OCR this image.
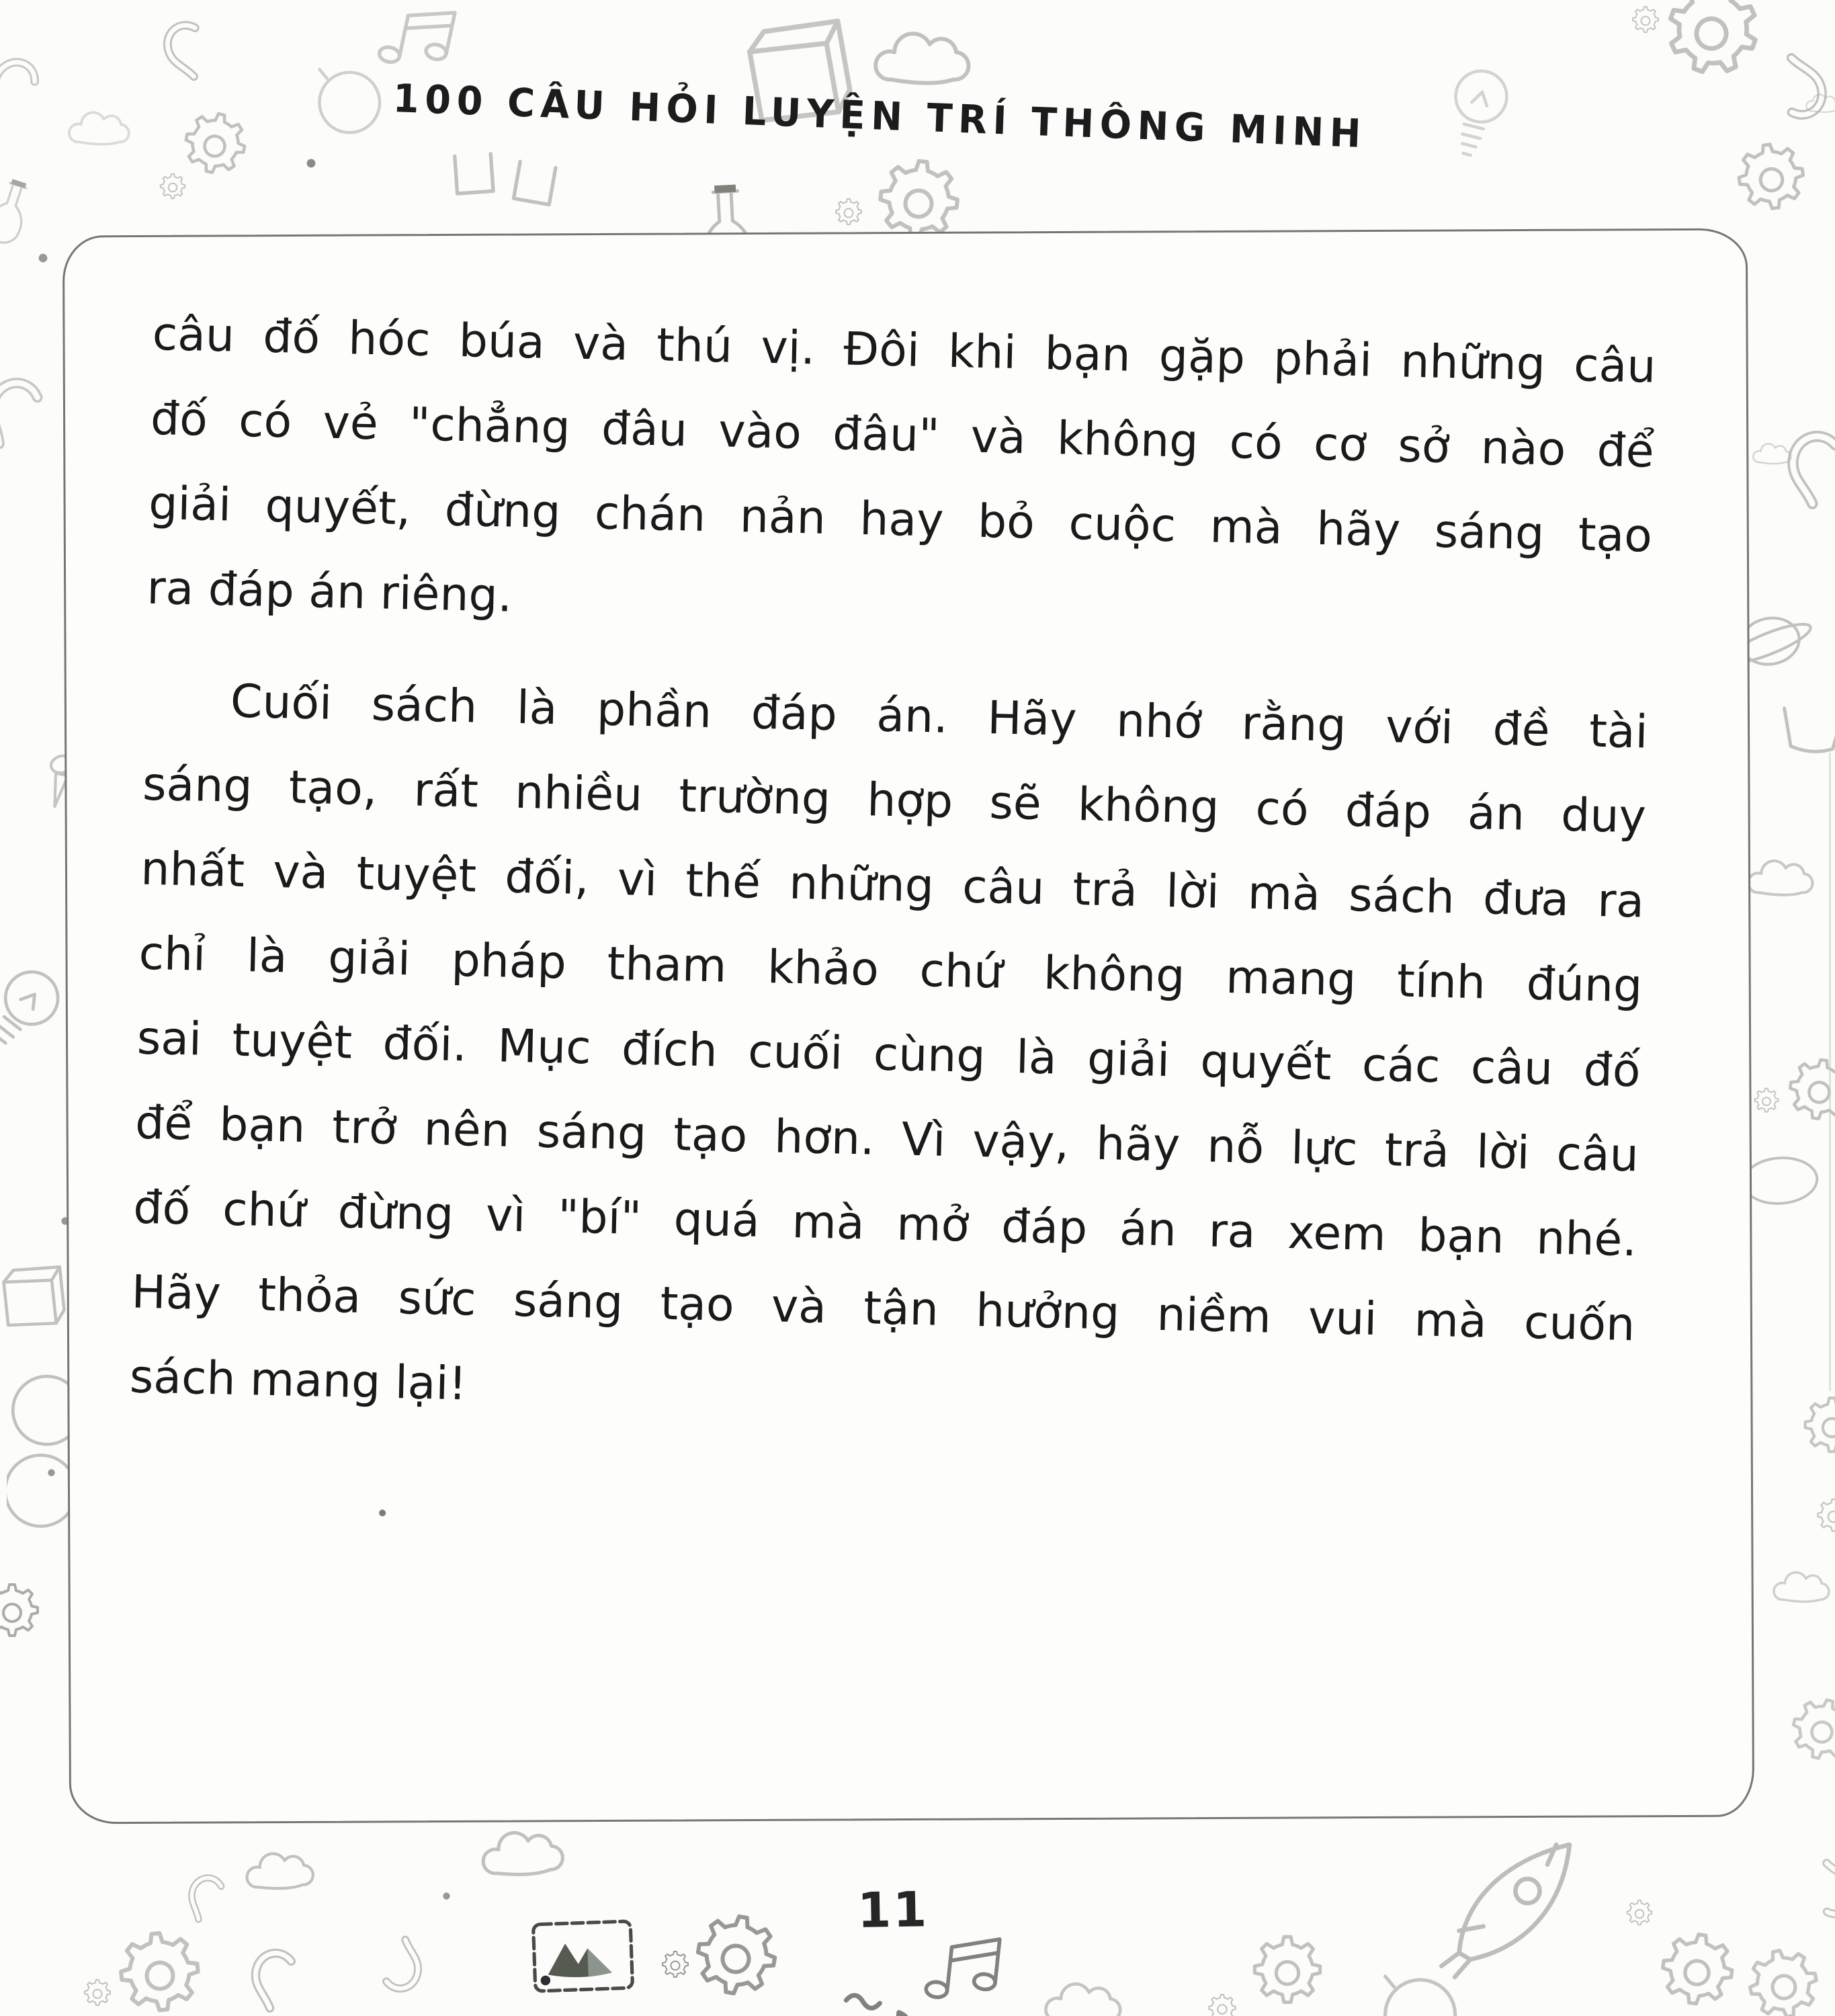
100 CÂU HỎI LUYỆN TRÍ THÔNG MINH
câu đố hóc búa và thú vị. Đôi khi bạn gặp phải những câu
đố có vẻ "chẳng đâu vào đâu" và không có cơ sở nào để
giải quyết, đừng chán nản hay bỏ cuộc mà hãy sáng tạo
ra đáp án riêng.
Cuối sách là phần đáp án. Hãy nhớ rằng với đề tài
sáng tạo, rất nhiều trường hợp sẽ không có đáp án duy
nhất và tuyệt đối, vì thế những câu trả lời mà sách đưa ra
chỉ là giải pháp tham khảo chứ không mang tính đúng
sai tuyệt đối. Mục đích cuối cùng là giải quyết các câu đố
để bạn trở nên sáng tạo hơn. Vì vậy, hãy nỗ lực trả lời câu
đố chứ đừng vì "bí" quá mà mở đáp án ra xem bạn nhé.
Hãy thỏa sức sáng tạo và tận hưởng niềm vui mà cuốn
sách mang lại!
11
